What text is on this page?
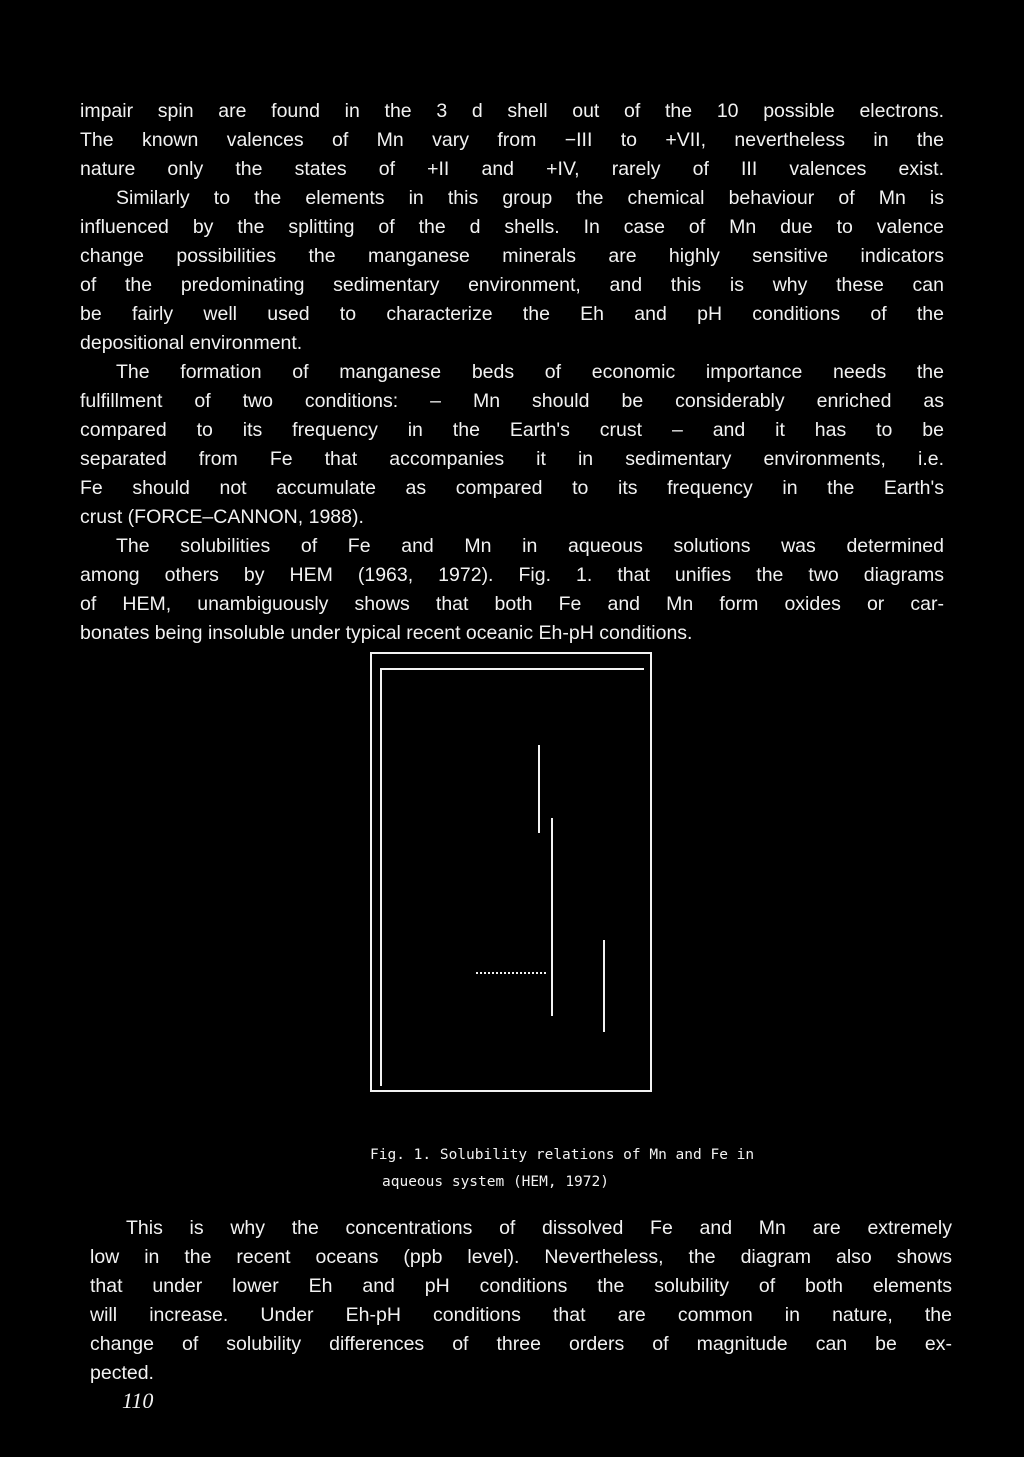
impair spin are found in the 3 d shell out of the 10 possible electrons.
The known valences of Mn vary from −III to +VII, nevertheless in the
nature only the states of +II and +IV, rarely of III valences exist.
Similarly to the elements in this group the chemical behaviour of Mn is
influenced by the splitting of the d shells. In case of Mn due to valence
change possibilities the manganese minerals are highly sensitive indicators
of the predominating sedimentary environment, and this is why these can
be fairly well used to characterize the Eh and pH conditions of the
depositional environment.
The formation of manganese beds of economic importance needs the
fulfillment of two conditions: – Mn should be considerably enriched as
compared to its frequency in the Earth's crust – and it has to be
separated from Fe that accompanies it in sedimentary environments, i.e.
Fe should not accumulate as compared to its frequency in the Earth's
crust (FORCE–CANNON, 1988).
The solubilities of Fe and Mn in aqueous solutions was determined
among others by HEM (1963, 1972). Fig. 1. that unifies the two diagrams
of HEM, unambiguously shows that both Fe and Mn form oxides or car-
bonates being insoluble under typical recent oceanic Eh-pH conditions.
Fig. 1. Solubility relations of Mn and Fe in
aqueous system (HEM, 1972)
This is why the concentrations of dissolved Fe and Mn are extremely
low in the recent oceans (ppb level). Nevertheless, the diagram also shows
that under lower Eh and pH conditions the solubility of both elements
will increase. Under Eh-pH conditions that are common in nature, the
change of solubility differences of three orders of magnitude can be ex-
pected.
110
